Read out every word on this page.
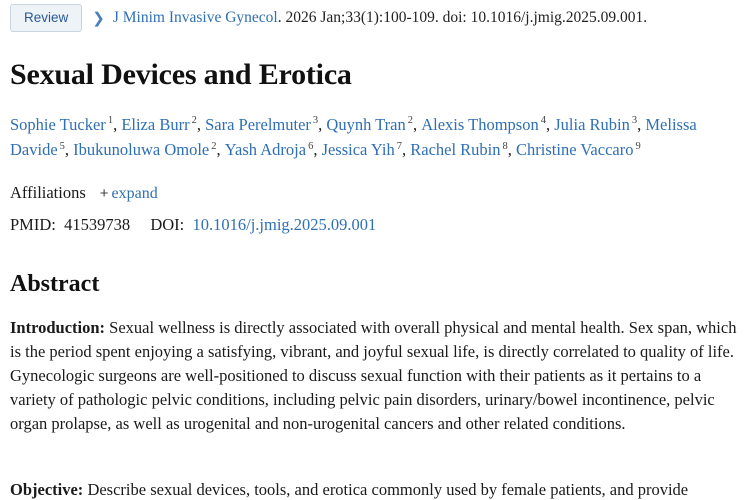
Review	❯ J Minim Invasive Gynecol. 2026 Jan;33(1):100-109. doi: 10.1016/j.jmig.2025.09.001.
Sexual Devices and Erotica
Sophie Tucker $^1$, Eliza Burr $^2$, Sara Perelmuter $^3$, Quynh Tran $^2$, Alexis Thompson $^4$, Julia Rubin $^3$, Melissa Davide $^5$, Ibukunoluwa Omole $^2$, Yash Adroja $^6$, Jessica Yih $^7$, Rachel Rubin $^8$, Christine Vaccaro $^9$
Affiliations + expand
PMID: 41539738 DOI: 10.1016/j.jmig.2025.09.001
Abstract

Introduction: Sexual wellness is directly associated with overall physical and mental health. Sex span, which is the period spent enjoying a satisfying, vibrant, and joyful sexual life, is directly correlated to quality of life. Gynecologic surgeons are well-positioned to discuss sexual function with their patients as it pertains to a variety of pathologic pelvic conditions, including pelvic pain disorders, urinary/bowel incontinence, pelvic organ prolapse, as well as urogenital and non-urogenital cancers and other related conditions.

Objective: Describe sexual devices, tools, and erotica commonly used by female patients, and provide
